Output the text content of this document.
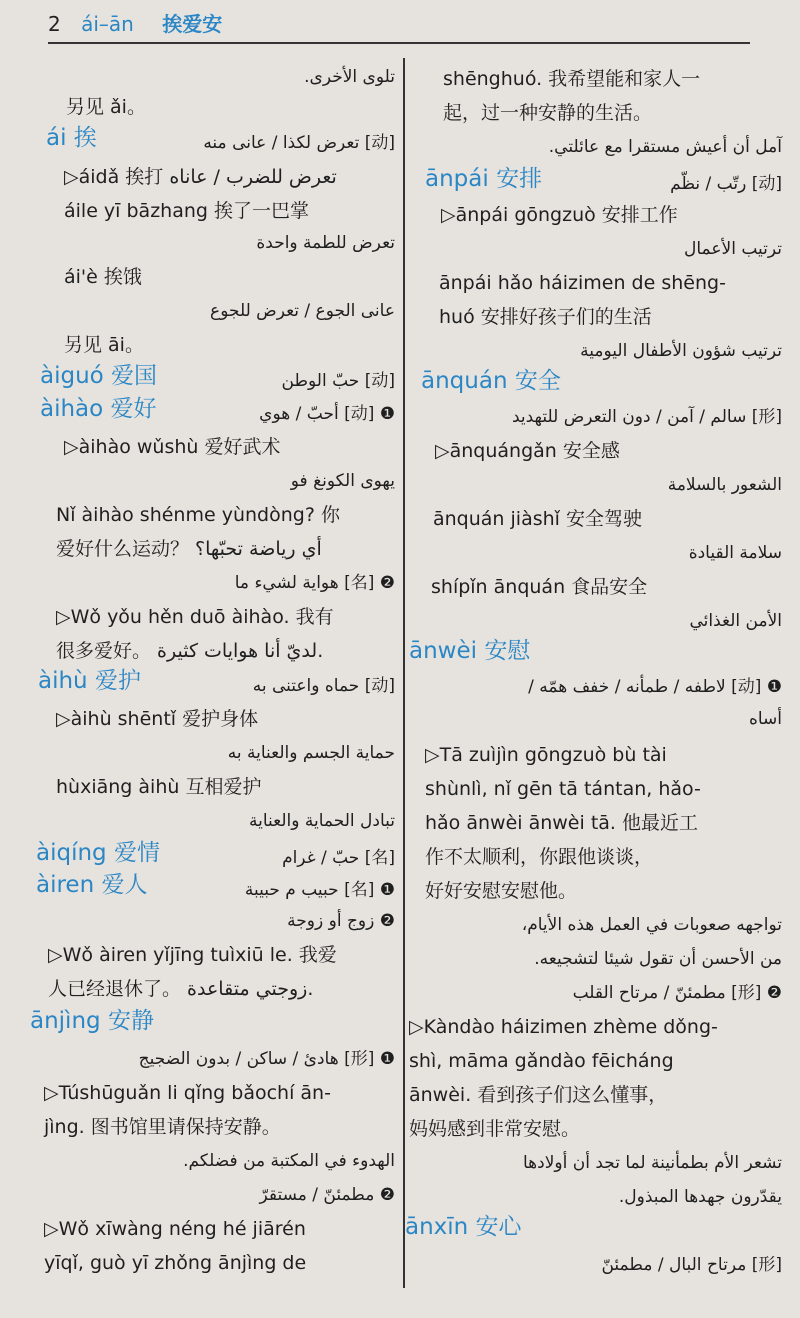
2 ái–ān 挨爱安
تلوى الأخرى.
另见 ǎi。
ái 挨	[动] تعرض لكذا / عانى منه
▷áidǎ 挨打 تعرض للضرب / عاناه
áile yī bāzhang 挨了一巴掌
تعرض للطمة واحدة
ái'è 挨饿
عانى الجوع / تعرض للجوع
另见 āi。
àiguó 爱国	[动] حبّ الوطن
àihào 爱好	❶ [动] أحبّ / هوي
▷àihào wǔshù 爱好武术
يهوى الكونغ فو
Nǐ àihào shénme yùndòng? 你
爱好什么运动？ أي رياضة تحبّها؟
❷ [名] هواية لشيء ما
▷Wǒ yǒu hěn duō àihào. 我有
很多爱好。 لديّ أنا هوايات كثيرة.
àihù 爱护	[动] حماه واعتنى به
▷àihù shēntǐ 爱护身体
حماية الجسم والعناية به
hùxiāng àihù 互相爱护
تبادل الحماية والعناية
àiqíng 爱情	[名] حبّ / غرام
àiren 爱人	❶ [名] حبيب م حبيبة
❷ زوج أو زوجة
▷Wǒ àiren yǐjīng tuìxiū le. 我爱
人已经退休了。 زوجتي متقاعدة.
ānjìng 安静
❶ [形] هادئ / ساكن / بدون الضجيج
▷Túshūguǎn li qǐng bǎochí ān-
jìng. 图书馆里请保持安静。
الهدوء في المكتبة من فضلكم.
❷ مطمئنّ / مستقرّ
▷Wǒ xīwàng néng hé jiārén
yīqǐ, guò yī zhǒng ānjìng de
shēnghuó. 我希望能和家人一
起，过一种安静的生活。
آمل أن أعيش مستقرا مع عائلتي.
ānpái 安排	[动] رتّب / نظّم
▷ānpái gōngzuò 安排工作
ترتيب الأعمال
ānpái hǎo háizimen de shēng-
huó 安排好孩子们的生活
ترتيب شؤون الأطفال اليومية
ānquán 安全
[形] سالم / آمن / دون التعرض للتهديد
▷ānquángǎn 安全感
الشعور بالسلامة
ānquán jiàshǐ 安全驾驶
سلامة القيادة
shípǐn ānquán 食品安全
الأمن الغذائي
ānwèi 安慰
❶ [动] لاطفه / طمأنه / خفف همّه /
أساه
▷Tā zuìjìn gōngzuò bù tài
shùnlì, nǐ gēn tā tántan, hǎo-
hǎo ānwèi ānwèi tā. 他最近工
作不太顺利，你跟他谈谈，
好好安慰安慰他。
تواجهه صعوبات في العمل هذه الأيام،
من الأحسن أن تقول شيئا لتشجيعه.
❷ [形] مطمئنّ / مرتاح القلب
▷Kàndào háizimen zhème dǒng-
shì, māma gǎndào fēicháng
ānwèi. 看到孩子们这么懂事，
妈妈感到非常安慰。
تشعر الأم بطمأنينة لما تجد أن أولادها
يقدّرون جهدها المبذول.
ānxīn 安心
[形] مرتاح البال / مطمئنّ
